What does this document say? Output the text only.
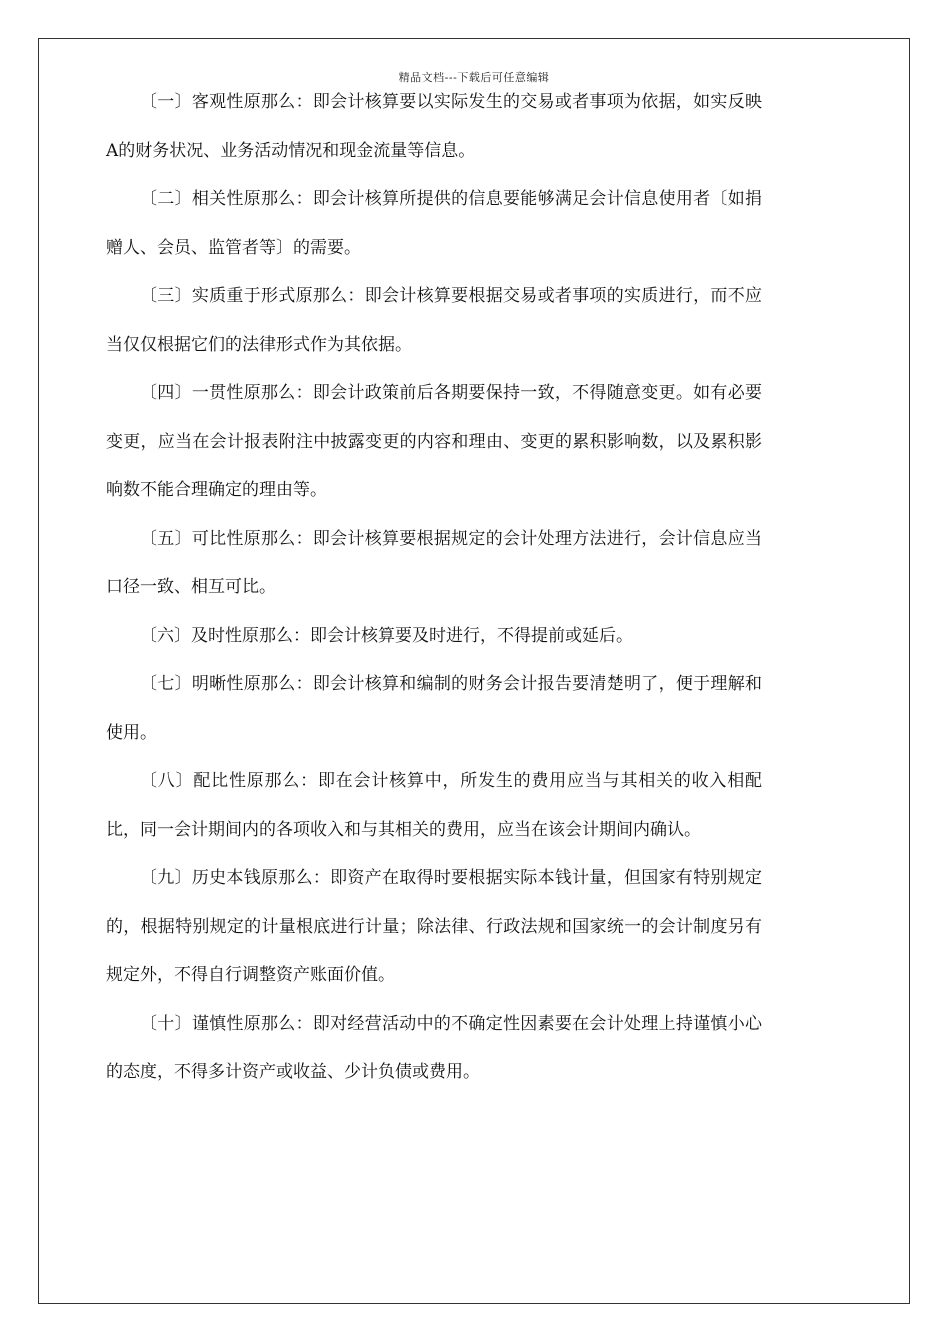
精品文档---下载后可任意编辑

〔一〕客观性原那么：即会计核算要以实际发生的交易或者事项为依据，如实反映A的财务状况、业务活动情况和现金流量等信息。

〔二〕相关性原那么：即会计核算所提供的信息要能够满足会计信息使用者〔如捐赠人、会员、监管者等〕的需要。

〔三〕实质重于形式原那么：即会计核算要根据交易或者事项的实质进行，而不应当仅仅根据它们的法律形式作为其依据。

〔四〕一贯性原那么：即会计政策前后各期要保持一致，不得随意变更。如有必要变更，应当在会计报表附注中披露变更的内容和理由、变更的累积影响数，以及累积影响数不能合理确定的理由等。

〔五〕可比性原那么：即会计核算要根据规定的会计处理方法进行，会计信息应当口径一致、相互可比。

〔六〕及时性原那么：即会计核算要及时进行，不得提前或延后。

〔七〕明晰性原那么：即会计核算和编制的财务会计报告要清楚明了，便于理解和使用。

〔八〕配比性原那么：即在会计核算中，所发生的费用应当与其相关的收入相配比，同一会计期间内的各项收入和与其相关的费用，应当在该会计期间内确认。

〔九〕历史本钱原那么：即资产在取得时要根据实际本钱计量，但国家有特别规定的，根据特别规定的计量根底进行计量；除法律、行政法规和国家统一的会计制度另有规定外，不得自行调整资产账面价值。

〔十〕谨慎性原那么：即对经营活动中的不确定性因素要在会计处理上持谨慎小心的态度，不得多计资产或收益、少计负债或费用。
